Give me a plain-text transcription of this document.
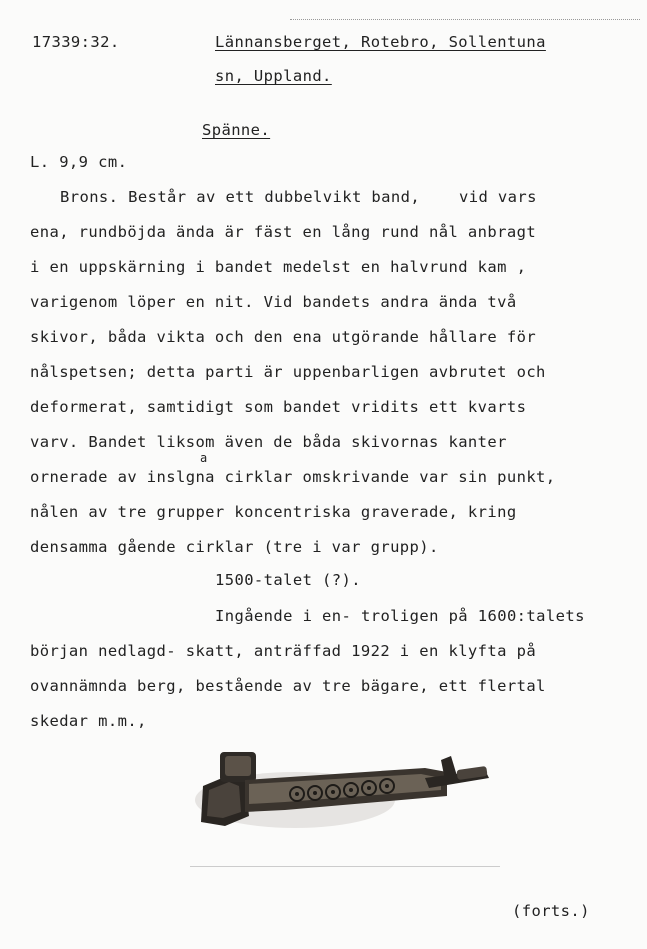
17339:32.	Lännansberget, Rotebro, Sollentuna
sn, Uppland.
Spänne.
L. 9,9 cm.
Brons. Består av ett dubbelvikt band,    vid vars
ena, rundböjda ända är fäst en lång rund nål anbragt
i en uppskärning i bandet medelst en halvrund kam ,
varigenom löper en nit. Vid bandets andra ända två
skivor, båda vikta och den ena utgörande hållare för
nålspetsen; detta parti är uppenbarligen avbrutet och
deformerat, samtidigt som bandet vridits ett kvarts
varv. Bandet liksom även de båda skivornas kanter
a
ornerade av inslgna cirklar omskrivande var sin punkt,
nålen av tre grupper koncentriska graverade, kring
densamma gående cirklar (tre i var grupp).
1500-talet (?).
Ingående i en- troligen på 1600:talets
början nedlagd- skatt, anträffad 1922 i en klyfta på
ovannämnda berg, bestående av tre bägare, ett flertal
skedar m.m.,
(forts.)
